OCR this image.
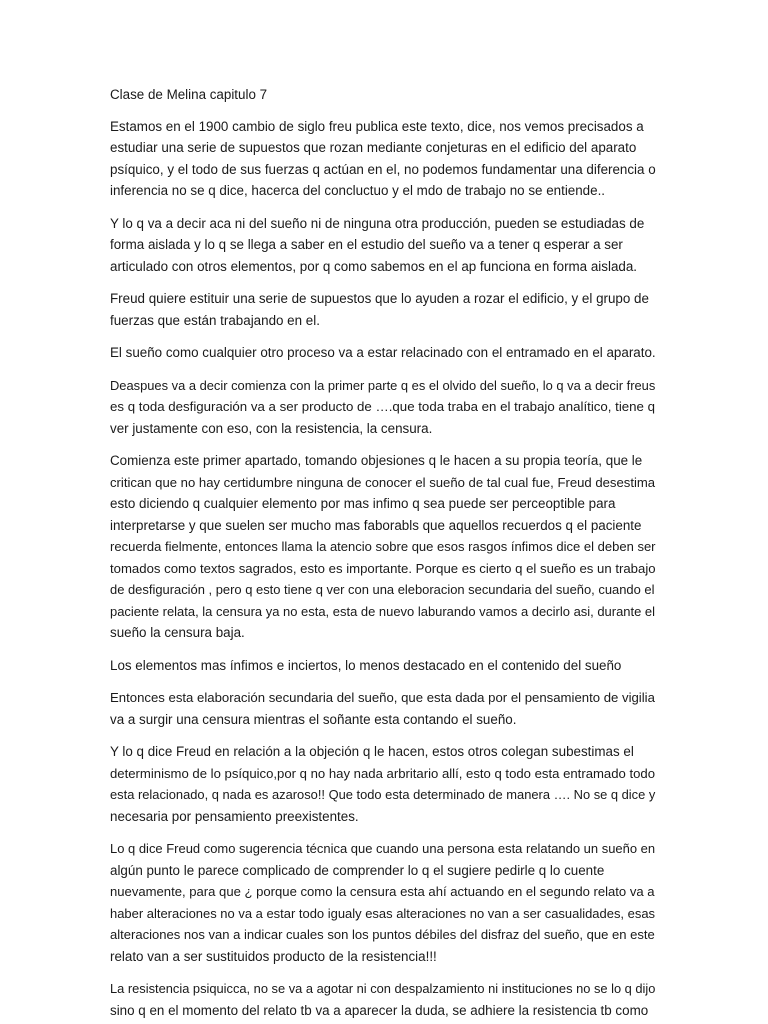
Clase de Melina capitulo 7
Estamos en el 1900 cambio de siglo freu publica este texto, dice, nos vemos precisados a
estudiar una serie de supuestos que rozan mediante conjeturas en el edificio del aparato
psíquico, y el todo de sus fuerzas q actúan en el, no podemos fundamentar una diferencia o
inferencia no se q dice, hacerca del concluctuo y el mdo de trabajo no se entiende..
Y lo q va a decir aca ni del sueño ni de ninguna otra producción, pueden se estudiadas de
forma aislada y lo q se llega a saber en el estudio del sueño va a tener q esperar a ser
articulado con otros elementos, por q como sabemos en el ap funciona en forma aislada.
Freud quiere estituir una serie de supuestos que lo ayuden a rozar el edificio, y el grupo de
fuerzas que están trabajando en el.
El sueño como cualquier otro proceso va a estar relacinado con el entramado en el aparato.
Deaspues va a decir comienza con la primer parte q es el olvido del sueño, lo q va a decir freus
es q toda desfiguración va a ser producto de ….que toda traba en el trabajo analítico, tiene q
ver justamente con eso, con la resistencia, la censura.
Comienza este primer apartado, tomando objesiones q le hacen a su propia teoría, que le
critican que no hay certidumbre ninguna de conocer el sueño de tal cual fue, Freud desestima
esto diciendo q cualquier elemento por mas infimo q sea puede ser perceoptible para
interpretarse y que suelen ser mucho mas faborabls que aquellos recuerdos q el paciente
recuerda fielmente, entonces llama la atencio sobre que esos rasgos ínfimos dice el deben ser
tomados como textos sagrados, esto es importante. Porque es cierto q el sueño es un trabajo
de desfiguración , pero q esto tiene q ver con una eleboracion secundaria del sueño, cuando el
paciente relata, la censura ya no esta, esta de nuevo laburando vamos a decirlo asi, durante el
sueño la censura baja.
Los elementos mas ínfimos e inciertos, lo menos destacado en el contenido del sueño
Entonces esta elaboración secundaria del sueño, que esta dada por el pensamiento de vigilia
va a surgir una censura mientras el soñante esta contando el sueño.
Y lo q dice Freud en relación a la objeción q le hacen, estos otros colegan subestimas el
determinismo de lo psíquico,por q no hay nada arbritario allí, esto q todo esta entramado todo
esta relacionado, q nada es azaroso!! Que todo esta determinado de manera …. No se q dice y
necesaria por pensamiento preexistentes.
Lo q dice Freud como sugerencia técnica que cuando una persona esta relatando un sueño en
algún punto le parece complicado de comprender lo q el sugiere pedirle q lo cuente
nuevamente, para que ¿ porque como la censura esta ahí actuando en el segundo relato va a
haber alteraciones no va a estar todo igualy esas alteraciones no van a ser casualidades, esas
alteraciones nos van a indicar cuales son los puntos débiles del disfraz del sueño, que en este
relato van a ser sustituidos producto de la resistencia!!!
La resistencia psiquicca, no se va a agotar ni con despalzamiento ni instituciones no se lo q dijo
sino q en el momento del relato tb va a aparecer la duda, se adhiere la resistencia tb como
